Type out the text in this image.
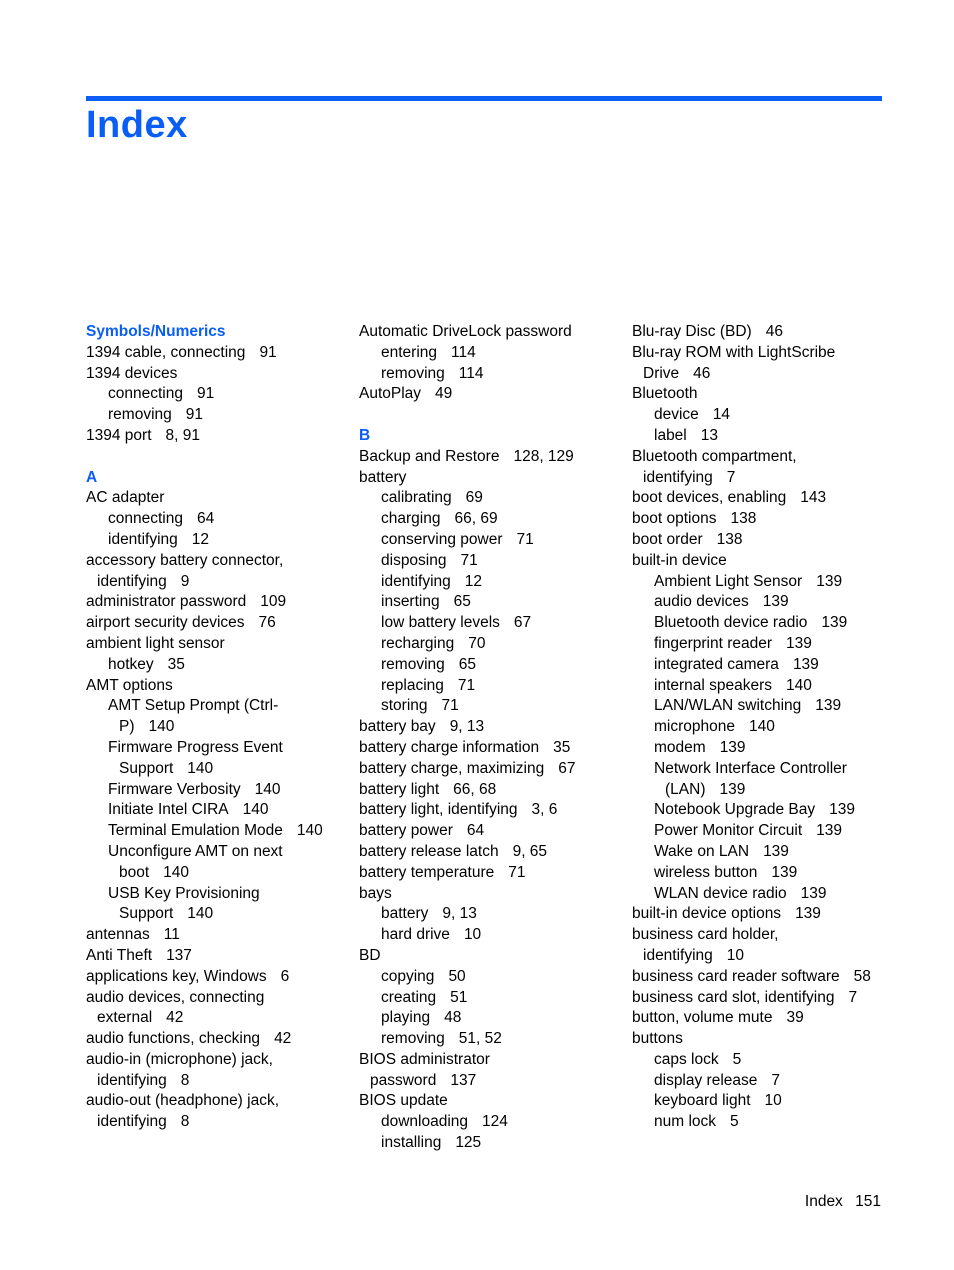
Index
Symbols/Numerics
1394 cable, connecting 91
1394 devices
connecting 91
removing 91
1394 port 8, 91
A
AC adapter
connecting 64
identifying 12
accessory battery connector,
identifying 9
administrator password 109
airport security devices 76
ambient light sensor
hotkey 35
AMT options
AMT Setup Prompt (Ctrl-
P) 140
Firmware Progress Event
Support 140
Firmware Verbosity 140
Initiate Intel CIRA 140
Terminal Emulation Mode 140
Unconfigure AMT on next
boot 140
USB Key Provisioning
Support 140
antennas 11
Anti Theft 137
applications key, Windows 6
audio devices, connecting
external 42
audio functions, checking 42
audio-in (microphone) jack,
identifying 8
audio-out (headphone) jack,
identifying 8
Automatic DriveLock password
entering 114
removing 114
AutoPlay 49
B
Backup and Restore 128, 129
battery
calibrating 69
charging 66, 69
conserving power 71
disposing 71
identifying 12
inserting 65
low battery levels 67
recharging 70
removing 65
replacing 71
storing 71
battery bay 9, 13
battery charge information 35
battery charge, maximizing 67
battery light 66, 68
battery light, identifying 3, 6
battery power 64
battery release latch 9, 65
battery temperature 71
bays
battery 9, 13
hard drive 10
BD
copying 50
creating 51
playing 48
removing 51, 52
BIOS administrator
password 137
BIOS update
downloading 124
installing 125
Blu-ray Disc (BD) 46
Blu-ray ROM with LightScribe
Drive 46
Bluetooth
device 14
label 13
Bluetooth compartment,
identifying 7
boot devices, enabling 143
boot options 138
boot order 138
built-in device
Ambient Light Sensor 139
audio devices 139
Bluetooth device radio 139
fingerprint reader 139
integrated camera 139
internal speakers 140
LAN/WLAN switching 139
microphone 140
modem 139
Network Interface Controller
(LAN) 139
Notebook Upgrade Bay 139
Power Monitor Circuit 139
Wake on LAN 139
wireless button 139
WLAN device radio 139
built-in device options 139
business card holder,
identifying 10
business card reader software 58
business card slot, identifying 7
button, volume mute 39
buttons
caps lock 5
display release 7
keyboard light 10
num lock 5
Index 151
